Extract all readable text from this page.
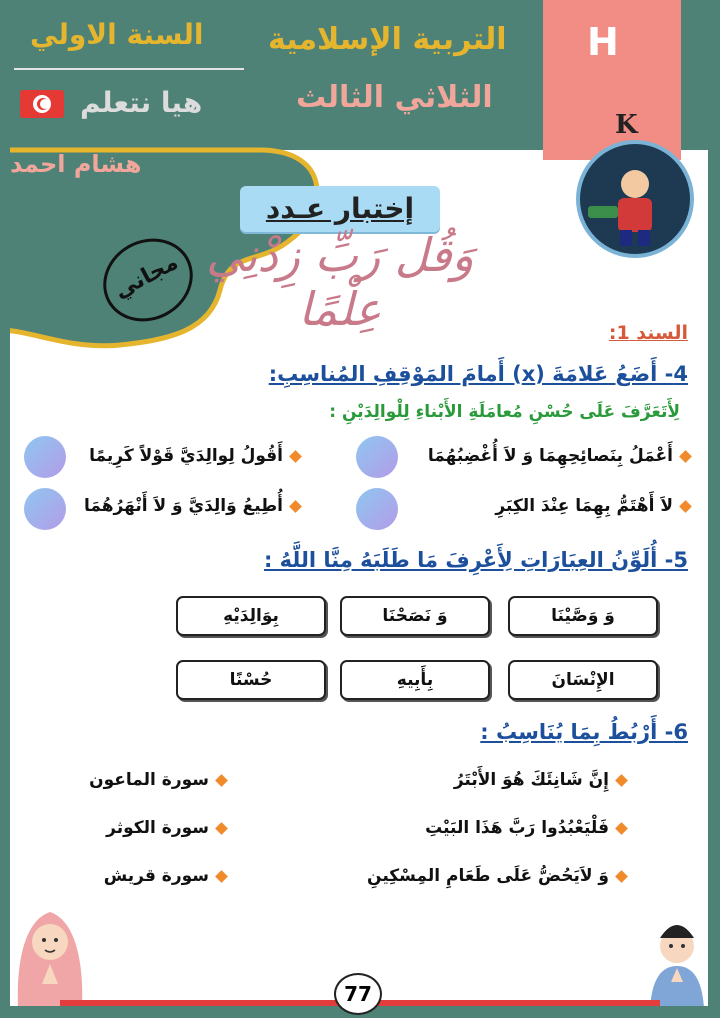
التربية الإسلامية
الثلاثي الثالث
السنة الاولي
هيا نتعلم
هشام احمد
H
K
إختبار عـدد
وَقُل رَبِّ زِدْنِي عِلْمًا
مجاني
السند 1:
4- أَضَعُ عَلامَةَ (x) أَمامَ المَوْقِفِ المُناسِبِ:
لِأَتَعَرَّفَ عَلَى حُسْنِ مُعامَلَةِ الأَبْناءِ لِلْوالِدَيْنِ :
أَعْمَلُ بِنَصائِحِهِمَا وَ لاَ أُغْضِبُهُمَا
أَقُولُ لِوالِدَيَّ قَوْلاً كَرِيمًا
لاَ أَهْتَمُّ بِهِمَا عِنْدَ الكِبَرِ
أُطِيعُ وَالِدَيَّ وَ لاَ أَنْهَرُهُمَا
5- أُلَوِّنُ العِبَارَاتِ لِأَعْرِفَ مَا طَلَبَهُ مِنَّا اللَّهُ :
وَ وَصَّيْنَا
وَ نَصَحْنَا
بِوَالِدَيْهِ
الإِنْسَانَ
بِأَبِيهِ
حُسْنًا
6- أَرْبُطُ بِمَا يُنَاسِبُ :
إِنَّ شَانِئَكَ هُوَ الأَبْتَرُ
فَلْيَعْبُدُوا رَبَّ هَذَا البَيْتِ
وَ لاَيَحُضُّ عَلَى طَعَامِ المِسْكِينِ
سورة الماعون
سورة الكوثر
سورة قريش
77
